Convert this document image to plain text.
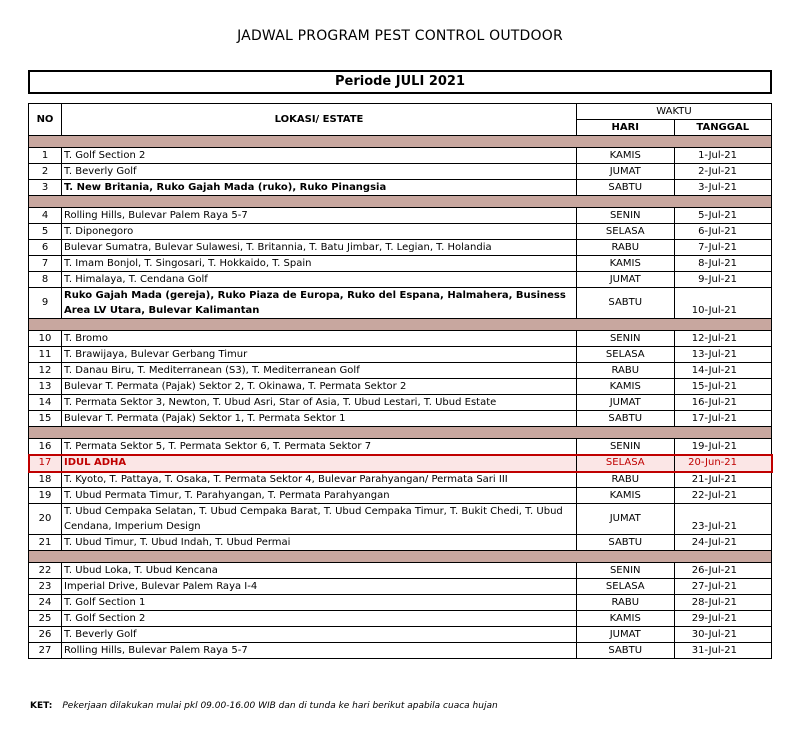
JADWAL PROGRAM PEST CONTROL OUTDOOR
Periode JULI 2021
NO	LOKASI/ ESTATE	WAKTU	
		HARI	TANGGAL

1	T. Golf Section 2	KAMIS	1-Jul-21
2	T. Beverly Golf	JUMAT	2-Jul-21
3	T. New Britania, Ruko Gajah Mada (ruko), Ruko Pinangsia	SABTU	3-Jul-21

4	Rolling Hills, Bulevar Palem Raya 5-7	SENIN	5-Jul-21
5	T. Diponegoro	SELASA	6-Jul-21
6	Bulevar Sumatra, Bulevar Sulawesi, T. Britannia, T. Batu Jimbar, T. Legian, T. Holandia	RABU	7-Jul-21
7	T. Imam Bonjol, T. Singosari, T. Hokkaido, T. Spain	KAMIS	8-Jul-21
8	T. Himalaya, T. Cendana Golf	JUMAT	9-Jul-21
9	Ruko Gajah Mada (gereja), Ruko Piaza de Europa, Ruko del Espana, Halmahera, Business Area LV Utara, Bulevar Kalimantan	SABTU	10-Jul-21

10	T. Bromo	SENIN	12-Jul-21
11	T. Brawijaya, Bulevar Gerbang Timur	SELASA	13-Jul-21
12	T. Danau Biru, T. Mediterranean (S3), T. Mediterranean Golf	RABU	14-Jul-21
13	Bulevar T. Permata (Pajak) Sektor 2, T. Okinawa, T. Permata Sektor 2	KAMIS	15-Jul-21
14	T. Permata Sektor 3, Newton, T. Ubud Asri, Star of Asia, T. Ubud Lestari, T. Ubud Estate	JUMAT	16-Jul-21
15	Bulevar T. Permata (Pajak) Sektor 1, T. Permata Sektor 1	SABTU	17-Jul-21

16	T. Permata Sektor 5, T. Permata Sektor 6, T. Permata Sektor 7	SENIN	19-Jul-21
17	IDUL ADHA	SELASA	20-Jun-21
18	T. Kyoto, T. Pattaya, T. Osaka, T. Permata Sektor 4, Bulevar Parahyangan/ Permata Sari III	RABU	21-Jul-21
19	T. Ubud Permata Timur, T. Parahyangan, T. Permata Parahyangan	KAMIS	22-Jul-21
20	T. Ubud Cempaka Selatan, T. Ubud Cempaka Barat, T. Ubud Cempaka Timur, T. Bukit Chedi, T. Ubud Cendana, Imperium Design	JUMAT	23-Jul-21
21	T. Ubud Timur, T. Ubud Indah, T. Ubud Permai	SABTU	24-Jul-21

22	T. Ubud Loka, T. Ubud Kencana	SENIN	26-Jul-21
23	Imperial Drive, Bulevar Palem Raya I-4	SELASA	27-Jul-21
24	T. Golf Section 1	RABU	28-Jul-21
25	T. Golf Section 2	KAMIS	29-Jul-21
26	T. Beverly Golf	JUMAT	30-Jul-21
27	Rolling Hills, Bulevar Palem Raya 5-7	SABTU	31-Jul-21
KET: Pekerjaan dilakukan mulai pkl 09.00-16.00 WIB dan di tunda ke hari berikut apabila cuaca hujan
